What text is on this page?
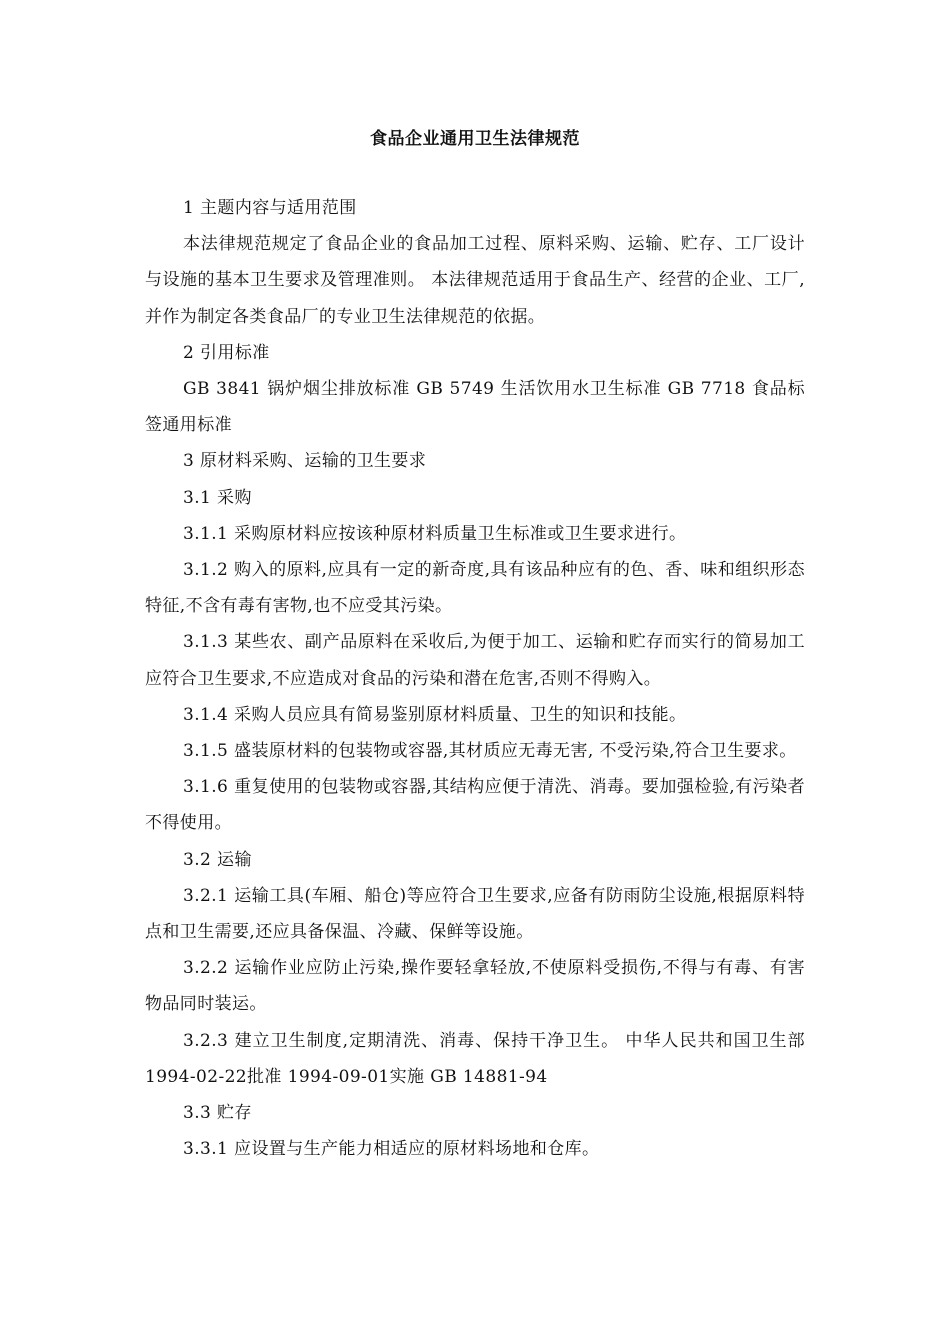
食品企业通用卫生法律规范

1 主题内容与适用范围

本法律规范规定了食品企业的食品加工过程、原料采购、运输、贮存、工厂设计与设施的基本卫生要求及管理准则。 本法律规范适用于食品生产、经营的企业、工厂,并作为制定各类食品厂的专业卫生法律规范的依据。

2 引用标准

GB 3841 锅炉烟尘排放标准 GB 5749 生活饮用水卫生标准 GB 7718 食品标签通用标准

3 原材料采购、运输的卫生要求

3.1 采购

3.1.1 采购原材料应按该种原材料质量卫生标准或卫生要求进行。

3.1.2 购入的原料,应具有一定的新奇度,具有该品种应有的色、香、味和组织形态特征,不含有毒有害物,也不应受其污染。

3.1.3 某些农、副产品原料在采收后,为便于加工、运输和贮存而实行的简易加工应符合卫生要求,不应造成对食品的污染和潜在危害,否则不得购入。

3.1.4 采购人员应具有简易鉴别原材料质量、卫生的知识和技能。

3.1.5 盛装原材料的包装物或容器,其材质应无毒无害, 不受污染,符合卫生要求。

3.1.6 重复使用的包装物或容器,其结构应便于清洗、消毒。要加强检验,有污染者不得使用。

3.2 运输

3.2.1 运输工具(车厢、船仓)等应符合卫生要求,应备有防雨防尘设施,根据原料特点和卫生需要,还应具备保温、冷藏、保鲜等设施。

3.2.2 运输作业应防止污染,操作要轻拿轻放,不使原料受损伤,不得与有毒、有害物品同时装运。

3.2.3 建立卫生制度,定期清洗、消毒、保持干净卫生。 中华人民共和国卫生部1994-02-22批准 1994-09-01实施 GB 14881-94

3.3 贮存

3.3.1 应设置与生产能力相适应的原材料场地和仓库。
